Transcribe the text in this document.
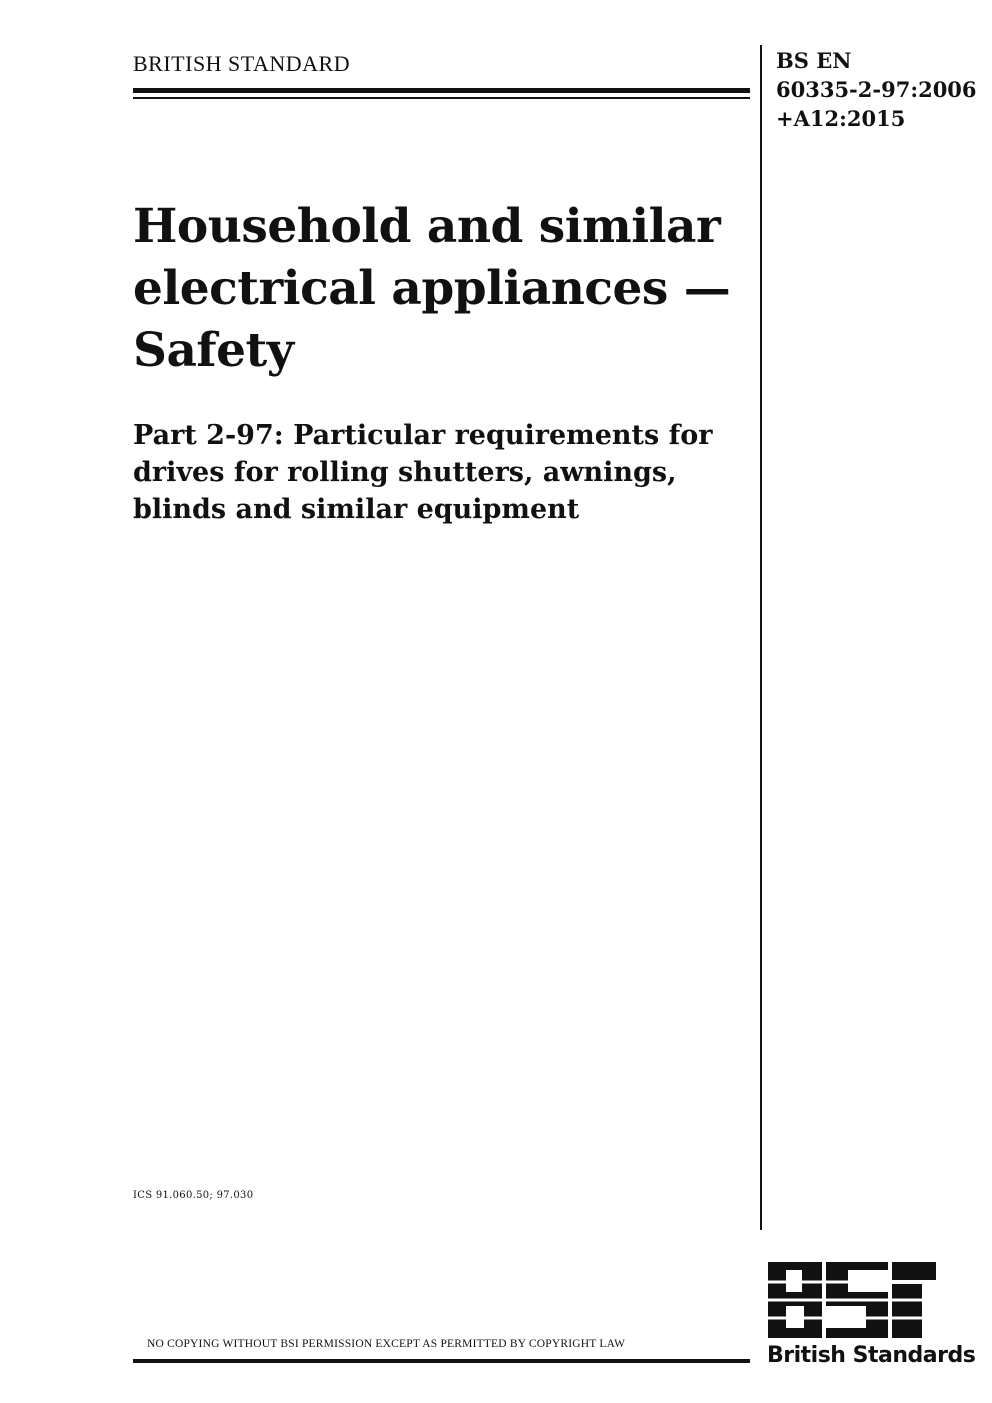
BRITISH STANDARD	BS EN
60335-2-97:2006
+A12:2015
Household and similar
electrical appliances —
Safety
Part 2-97: Particular requirements for
drives for rolling shutters, awnings,
blinds and similar equipment
ICS 91.060.50; 97.030
NO COPYING WITHOUT BSI PERMISSION EXCEPT AS PERMITTED BY COPYRIGHT LAW	British Standards
